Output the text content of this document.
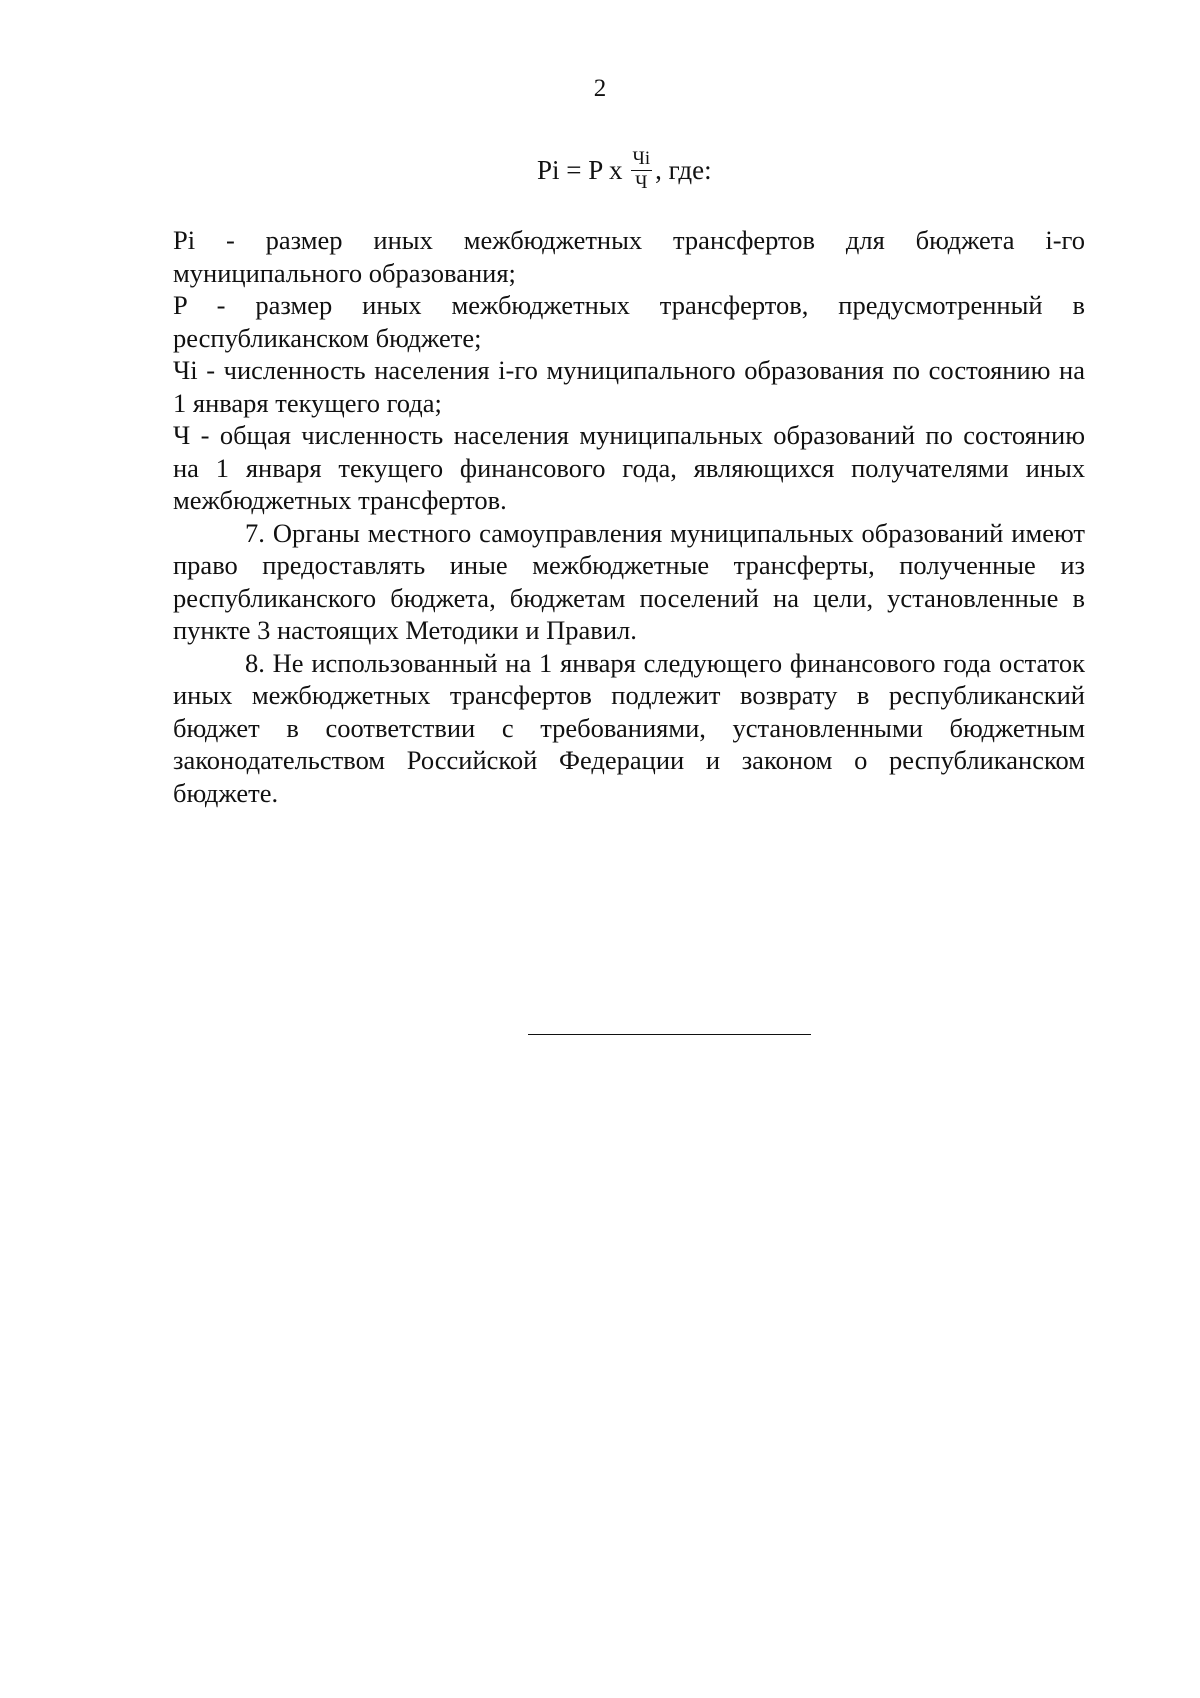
2
Pi = P x $\frac{Чi}{Ч}$ , где:

Pi - размер иных межбюджетных трансфертов для бюджета i-го муниципального образования;

P - размер иных межбюджетных трансфертов, предусмотренный в республиканском бюджете;

Чi - численность населения i-го муниципального образования по состоянию на 1 января текущего года;

Ч - общая численность населения муниципальных образований по состоянию на 1 января текущего финансового года, являющихся получателями иных межбюджетных трансфертов.

7. Органы местного самоуправления муниципальных образований имеют право предоставлять иные межбюджетные трансферты, полученные из республиканского бюджета, бюджетам поселений на цели, установленные в пункте 3 настоящих Методики и Правил.

8. Не использованный на 1 января следующего финансового года остаток иных межбюджетных трансфертов подлежит возврату в республиканский бюджет в соответствии с требованиями, установленными бюджетным законодательством Российской Федерации и законом о республиканском бюджете.
